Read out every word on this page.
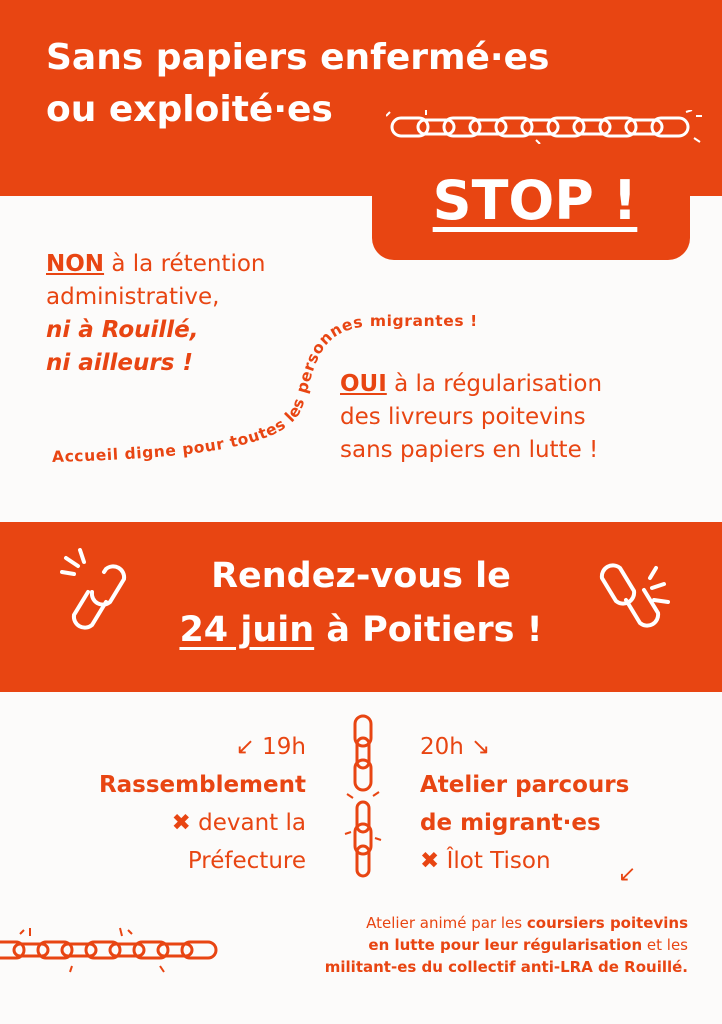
Sans papiers enfermé·es
ou exploité·es

STOP !

NON à la rétention
administrative,
ni à Rouillé,
ni ailleurs !
Accueil digne pour toutes les personnes migrantes !
OUI à la régularisation
des livreurs poitevins
sans papiers en lutte !
Rendez-vous le
24 juin à Poitiers !
↙ 19h
Rassemblement
✖ devant la
Préfecture
20h ↘
Atelier parcours
de migrant·es
✖ Îlot Tison
↙
Atelier animé par les coursiers poitevins
en lutte pour leur régularisation et les
militant-es du collectif anti-LRA de Rouillé.
